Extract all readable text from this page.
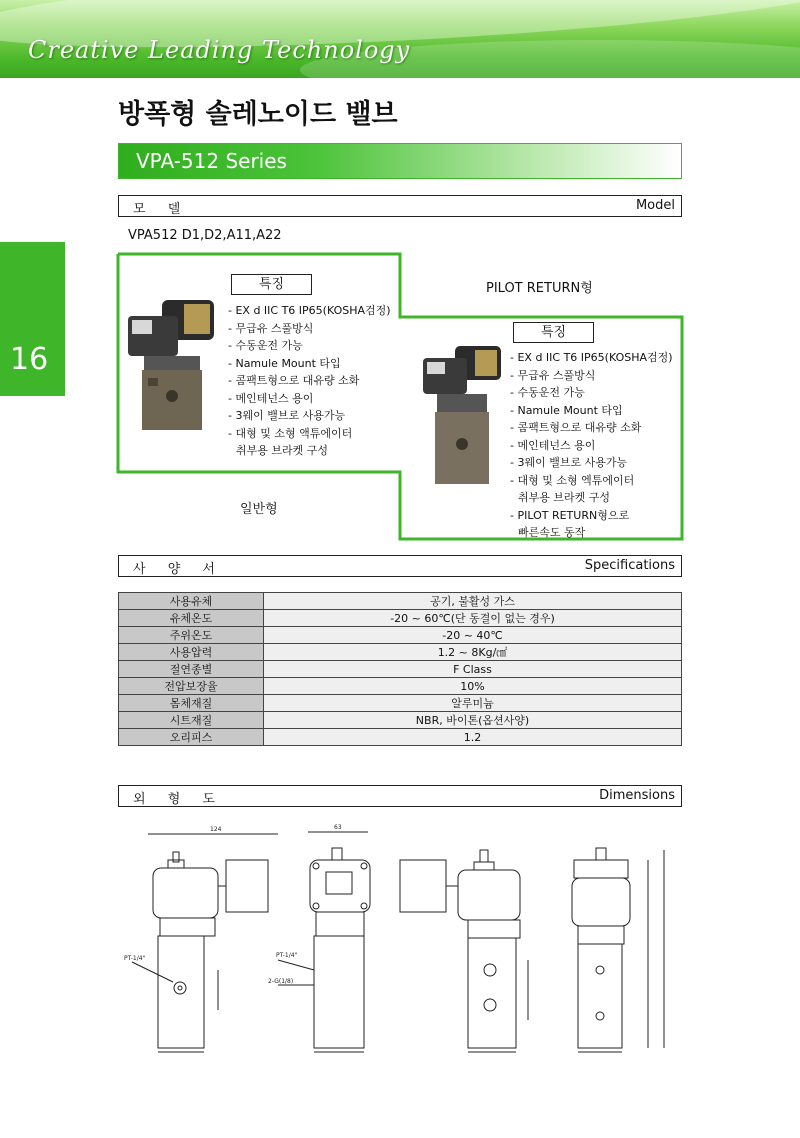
Creative Leading Technology
방폭형 솔레노이드 밸브
VPA-512 Series
16
모 델	Model
VPA512 D1,D2,A11,A22
특징
- EX d IIC T6 IP65(KOSHA검정)
- 무급유 스풀방식
- 수동운전 가능
- Namule Mount 타입
- 콤팩트형으로 대유량 소화
- 메인테넌스 용이
- 3웨이 밸브로 사용가능
- 대형 및 소형 액튜에이터
취부용 브라켓 구성
일반형
PILOT RETURN형
특징
- EX d IIC T6 IP65(KOSHA검정)
- 무급유 스풀방식
- 수동운전 가능
- Namule Mount 타입
- 콤팩트형으로 대유량 소화
- 메인테넌스 용이
- 3웨이 밸브로 사용가능
- 대형 및 소형 엑튜에이터
취부용 브라켓 구성
- PILOT RETURN형으로
빠른속도 동작
사 양 서	Specifications
사용유체	공기, 불활성 가스
유체온도	-20 ~ 60℃(단 동결이 없는 경우)
주위온도	-20 ~ 40℃
사용압력	1.2 ~ 8Kg/㎠
절연종별	F Class
전압보장율	10%
몸체재질	알루미늄
시트재질	NBR, 바이톤(옵션사양)
오리피스	1.2
외 형 도	Dimensions
124
PT-1/4"
63
PT-1/4"
2-G(1/8)
